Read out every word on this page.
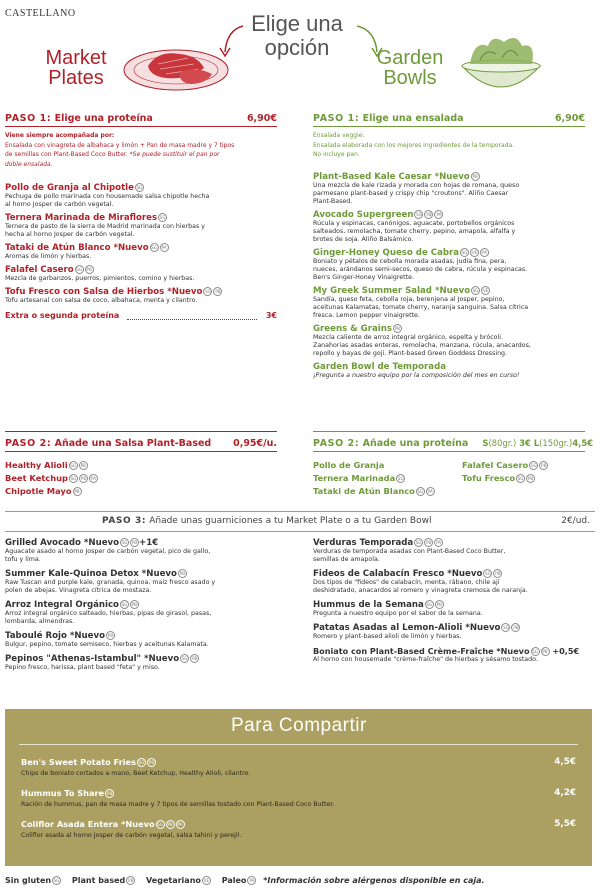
CASTELLANO
Market
Plates
Elige una
opción	Garden
Bowls
PASO 1: Elige una proteína	6,90€
Viene siempre acompañada por:
Ensalada con vinagreta de albahaca y limón + Pan de masa madre y 7 tipos
de semillas con Plant-Based Coco Butter. *Se puede sustituir el pan por
doble ensalada.
Pollo de Granja al Chipotle SG
Pechuga de pollo marinada con housemade salsa chipotle hecha
al horno Josper de carbón vegetal.
Ternera Marinada de Miraflores SG
Ternera de pasto de la sierra de Madrid marinada con hierbas y
hecha al horno Josper de carbón vegetal.
Tataki de Atún Blanco *Nuevo SG PA
Aromas de limón y hierbas.
Falafel Casero SG PB
Mezcla de garbanzos, puerros, pimientos, comino y hierbas.
Tofu Fresco con Salsa de Hierbos *Nuevo SG PB
Tofu artesanal con salsa de coco, albahaca, menta y cilantro.
Extra o segunda proteína	3€
PASO 1: Elige una ensalada	6,90€
Ensalada veggie:
Ensalada elaborada con los mejores ingredientes de la temporada.
No incluye pan.
Plant-Based Kale Caesar *Nuevo PB
Una mezcla de kale rizada y morada con hojas de romana, queso
parmesano plant-based y crispy chip "croutons". Aliño Caesar
Plant-Based.
Avocado Supergreen SG PB PA
Rúcula y espinacas, canónigos, aguacate, portobellos orgánicos
salteados, remolacha, tomate cherry, pepino, amapola, alfalfa y
brotes de soja. Aliño Balsámico.
Ginger-Honey Queso de Cabra SG VE PA
Boniato y pétalos de cebolla morada asadas, judía fina, pera,
nueces, arándanos semi-secos, queso de cabra, rúcula y espinacas.
Ben's Ginger-Honey Vinaigrette.
My Greek Summer Salad *Nuevo SG VE
Sandía, queso feta, cebolla roja, berenjena al Josper, pepino,
aceitunas Kalamatas, tomate cherry, naranja sanguina. Salsa cítrica
fresca. Lemon pepper vinaigrette.
Greens & Grains PB
Mezcla caliente de arroz integral orgánico, espelta y brócoli.
Zanahorias asadas enteras, remolacha, manzana, rúcula, anacardos,
repollo y bayas de goji. Plant-based Green Goddess Dressing.
Garden Bowl de Temporada
¡Pregunta a nuestro equipo por la composición del mes en curso!
PASO 2: Añade una Salsa Plant-Based 0,95€/u.
Healthy Alioli SG PB
Beet Ketchup SG PB PA
Chipotle Mayo PB
PASO 2: Añade una proteína S(80gr.) 3€ L(150gr.)4,5€
Pollo de Granja
Ternera Marinada SG
Tataki de Atún Blanco SG PA
Falafel Casero SG PB
Tofu Fresco SG PB
PASO 3: Añade unas guarniciones a tu Market Plate o a tu Garden Bowl	2€/ud.
Grilled Avocado *Nuevo SG PB +1€
Aguacate asado al horno Josper de carbón vegetal, pico de gallo,
tofu y lima.
Summer Kale-Quinoa Detox *Nuevo PB
Raw Tuscan and purple kale, granada, quinoa, maíz fresco asado y
polen de abejas. Vinagreta cítrica de mostaza.
Arroz Integral Orgánico SG PB
Arroz integral orgánico salteado, hierbas, pipas de girasol, pasas,
lombarda, almendras.
Taboulé Rojo *Nuevo PB
Bulgur, pepino, tomate semiseco, hierbas y aceitunas Kalamata.
Pepinos "Athenas-Istambul" *Nuevo SG PB
Pepino fresco, harissa, plant based "feta" y miso.
Verduras Temporada SG PB PA
Verduras de temporada asadas con Plant-Based Coco Butter,
semillas de amapola.
Fideos de Calabacín Fresco *Nuevo SG PB
Dos tipos de "fideos" de calabacín, menta, rábano, chile ají
deshidratado, anacardos al romero y vinagreta cremosa de naranja.
Hummus de la Semana SG PB
Pregunta a nuestro equipo por el sabor de la semana.
Patatas Asadas al Lemon-Alioli *Nuevo SG PB
Romero y plant-based alioli de limón y hierbas.
Boniato con Plant-Based Crème-Fraîche *Nuevo SG PB +0,5€
Al horno con housemade "crème-fraîche" de hierbas y sésamo tostado.
Para Compartir
Ben's Sweet Potato Fries SG PB
Chips de boniato cortados a mano, Beet Ketchup, Healthy Alioli, cilantro.
4,5€
Hummus To Share PB
Ración de hummus, pan de masa madre y 7 tipos de semillas tostado con Plant-Based Coco Butter.
4,2€
Coliflor Asada Entera *Nuevo SG PB PA
Coliflor asada al horno Josper de carbón vegetal, salsa tahini y perejil.
5,5€
Sin gluten SG Plant based PB Vegetariano VE Paleo PA *Información sobre alérgenos disponible en caja.
